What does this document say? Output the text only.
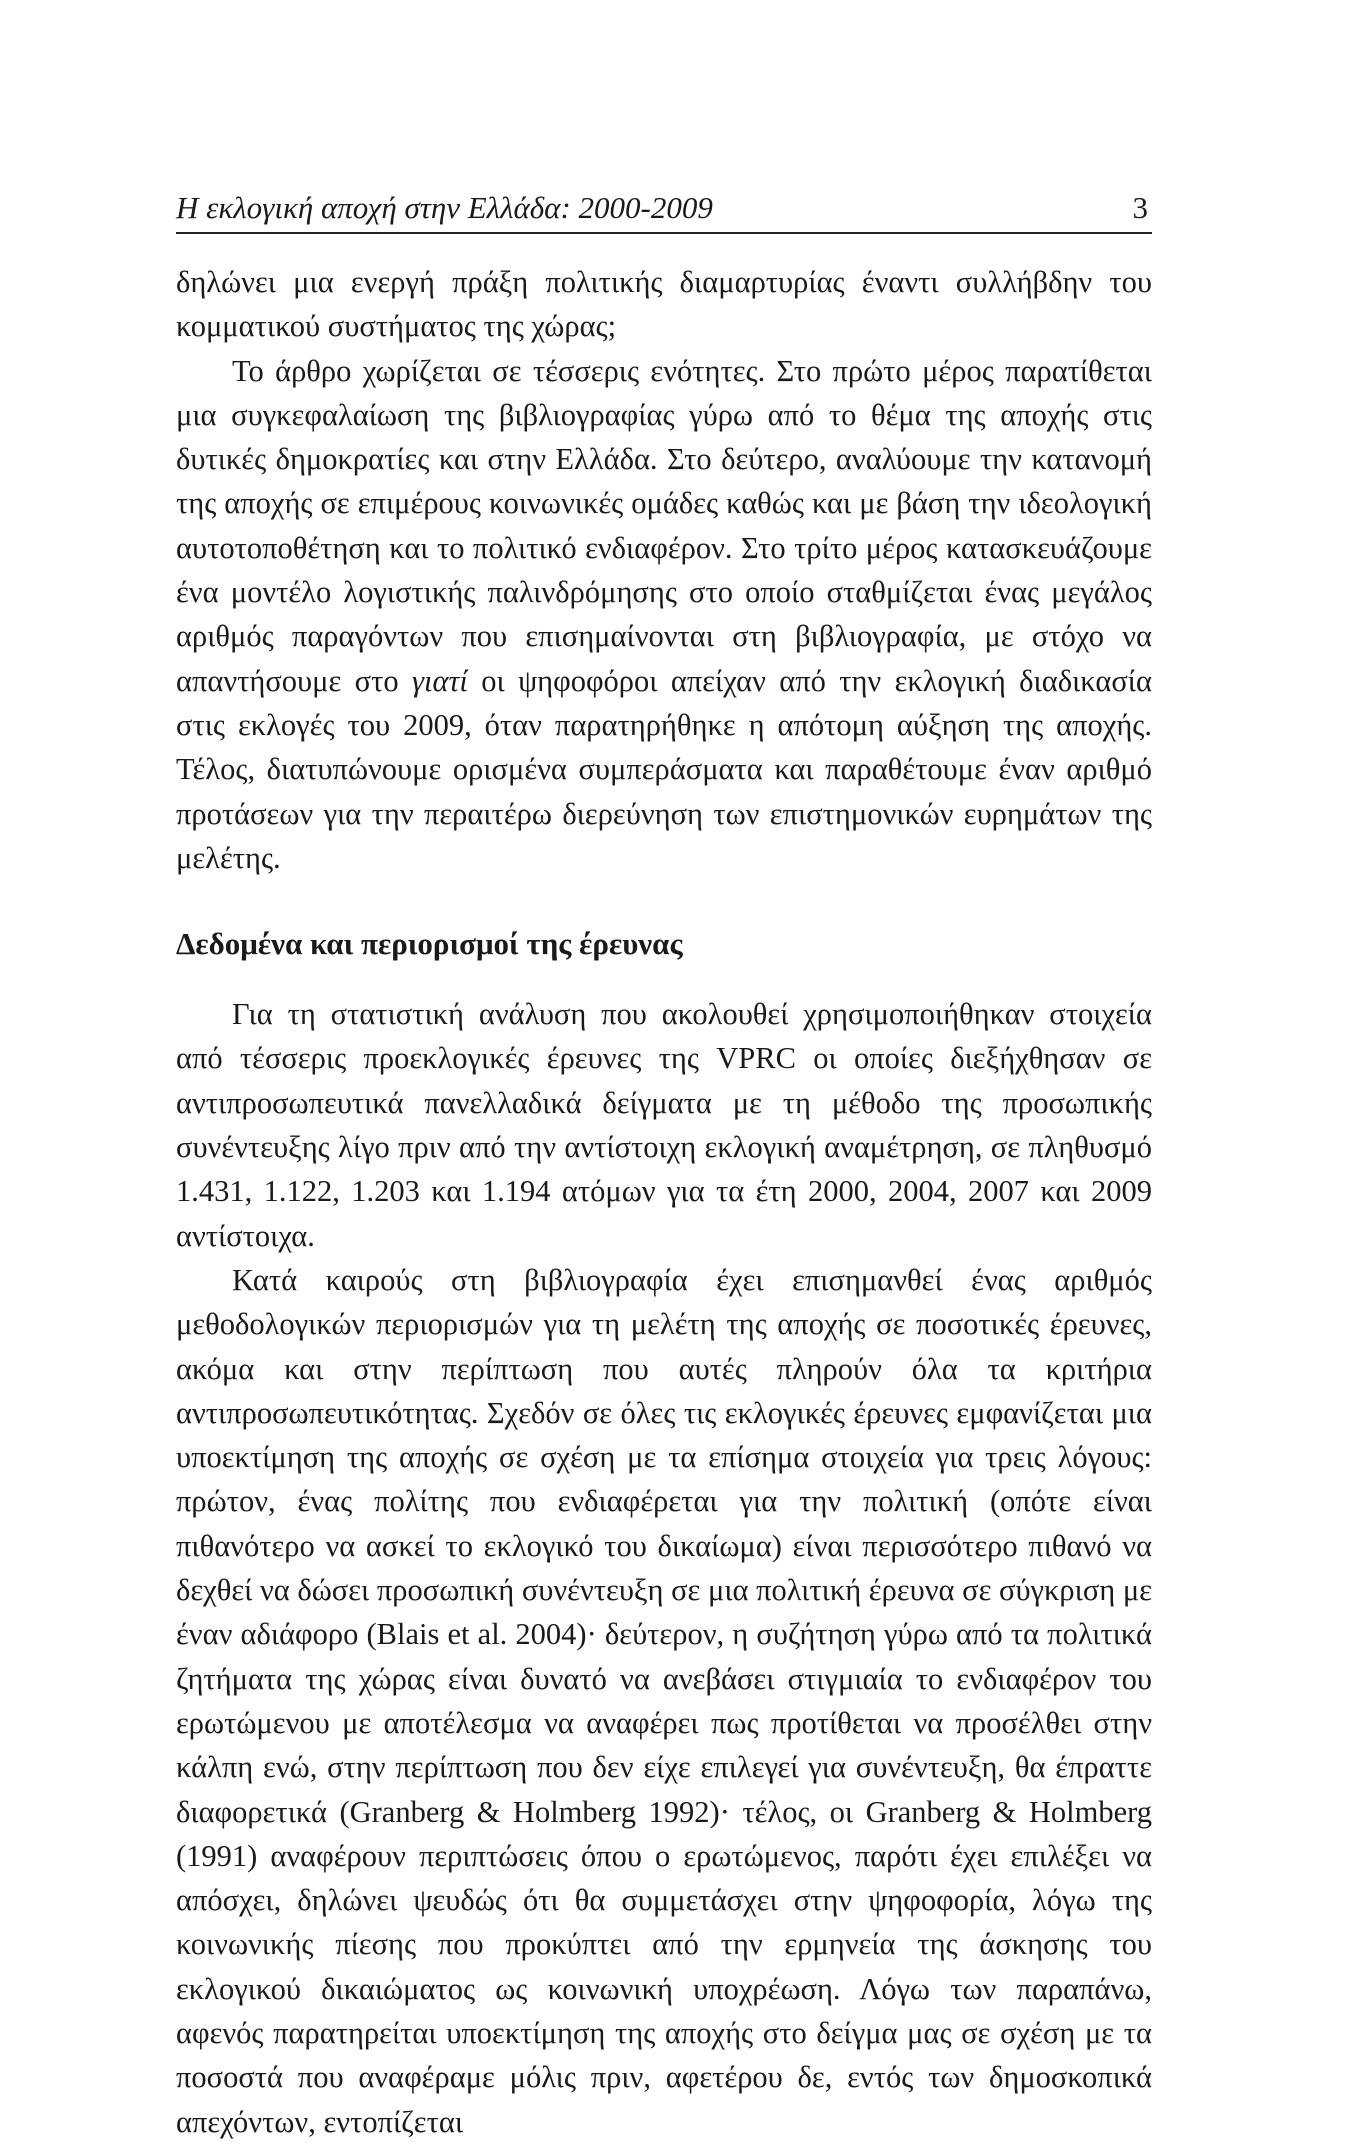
Η εκλογική αποχή στην Ελλάδα: 2000-2009	3

δηλώνει μια ενεργή πράξη πολιτικής διαμαρτυρίας έναντι συλλήβδην του κομματικού συστήματος της χώρας;

Το άρθρο χωρίζεται σε τέσσερις ενότητες. Στο πρώτο μέρος παρατίθεται μια συγκεφαλαίωση της βιβλιογραφίας γύρω από το θέμα της αποχής στις δυτικές δημοκρατίες και στην Ελλάδα. Στο δεύτερο, αναλύουμε την κατανομή της αποχής σε επιμέρους κοινωνικές ομάδες καθώς και με βάση την ιδεολογική αυτοτοποθέτηση και το πολιτικό ενδιαφέρον. Στο τρίτο μέρος κατασκευάζουμε ένα μοντέλο λογιστικής παλινδρόμησης στο οποίο σταθμίζεται ένας μεγάλος αριθμός παραγόντων που επισημαίνονται στη βιβλιογραφία, με στόχο να απαντήσουμε στο γιατί οι ψηφοφόροι απείχαν από την εκλογική διαδικασία στις εκλογές του 2009, όταν παρατηρήθηκε η απότομη αύξηση της αποχής. Τέλος, διατυπώνουμε ορισμένα συμπεράσματα και παραθέτουμε έναν αριθμό προτάσεων για την περαιτέρω διερεύνηση των επιστημονικών ευρημάτων της μελέτης.

Δεδομένα και περιορισμοί της έρευνας

Για τη στατιστική ανάλυση που ακολουθεί χρησιμοποιήθηκαν στοιχεία από τέσσερις προεκλογικές έρευνες της VPRC οι οποίες διεξήχθησαν σε αντιπροσωπευτικά πανελλαδικά δείγματα με τη μέθοδο της προσωπικής συνέντευξης λίγο πριν από την αντίστοιχη εκλογική αναμέτρηση, σε πληθυσμό 1.431, 1.122, 1.203 και 1.194 ατόμων για τα έτη 2000, 2004, 2007 και 2009 αντίστοιχα.

Κατά καιρούς στη βιβλιογραφία έχει επισημανθεί ένας αριθμός μεθοδολογικών περιορισμών για τη μελέτη της αποχής σε ποσοτικές έρευνες, ακόμα και στην περίπτωση που αυτές πληρούν όλα τα κριτήρια αντιπροσωπευτικότητας. Σχεδόν σε όλες τις εκλογικές έρευνες εμφανίζεται μια υποεκτίμηση της αποχής σε σχέση με τα επίσημα στοιχεία για τρεις λόγους: πρώτον, ένας πολίτης που ενδιαφέρεται για την πολιτική (οπότε είναι πιθανότερο να ασκεί το εκλογικό του δικαίωμα) είναι περισσότερο πιθανό να δεχθεί να δώσει προσωπική συνέντευξη σε μια πολιτική έρευνα σε σύγκριση με έναν αδιάφορο (Blais et al. 2004)· δεύτερον, η συζήτηση γύρω από τα πολιτικά ζητήματα της χώρας είναι δυνατό να ανεβάσει στιγμιαία το ενδιαφέρον του ερωτώμενου με αποτέλεσμα να αναφέρει πως προτίθεται να προσέλθει στην κάλπη ενώ, στην περίπτωση που δεν είχε επιλεγεί για συνέντευξη, θα έπραττε διαφορετικά (Granberg & Holmberg 1992)· τέλος, οι Granberg & Holmberg (1991) αναφέρουν περιπτώσεις όπου ο ερωτώμενος, παρότι έχει επιλέξει να απόσχει, δηλώνει ψευδώς ότι θα συμμετάσχει στην ψηφοφορία, λόγω της κοινωνικής πίεσης που προκύπτει από την ερμηνεία της άσκησης του εκλογικού δικαιώματος ως κοινωνική υποχρέωση. Λόγω των παραπάνω, αφενός παρατηρείται υποεκτίμηση της αποχής στο δείγμα μας σε σχέση με τα ποσοστά που αναφέραμε μόλις πριν, αφετέρου δε, εντός των δημοσκοπικά απεχόντων, εντοπίζεται
